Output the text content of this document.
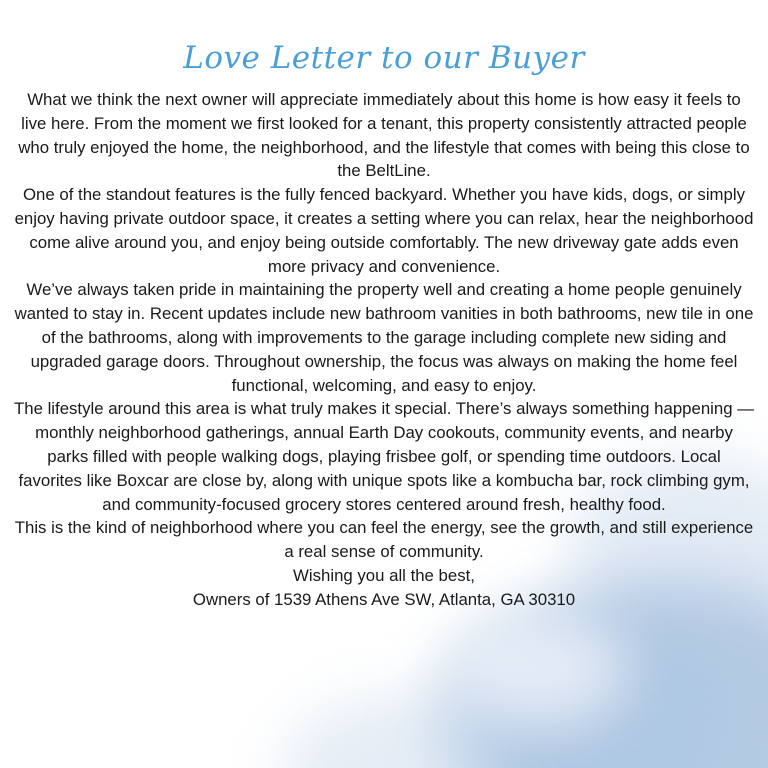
Love Letter to our Buyer

What we think the next owner will appreciate immediately about this home is how easy it feels to live here. From the moment we first looked for a tenant, this property consistently attracted people who truly enjoyed the home, the neighborhood, and the lifestyle that comes with being this close to the BeltLine.

One of the standout features is the fully fenced backyard. Whether you have kids, dogs, or simply enjoy having private outdoor space, it creates a setting where you can relax, hear the neighborhood come alive around you, and enjoy being outside comfortably. The new driveway gate adds even more privacy and convenience.

We’ve always taken pride in maintaining the property well and creating a home people genuinely wanted to stay in. Recent updates include new bathroom vanities in both bathrooms, new tile in one of the bathrooms, along with improvements to the garage including complete new siding and upgraded garage doors. Throughout ownership, the focus was always on making the home feel functional, welcoming, and easy to enjoy.

The lifestyle around this area is what truly makes it special. There’s always something happening — monthly neighborhood gatherings, annual Earth Day cookouts, community events, and nearby parks filled with people walking dogs, playing frisbee golf, or spending time outdoors. Local favorites like Boxcar are close by, along with unique spots like a kombucha bar, rock climbing gym, and community-focused grocery stores centered around fresh, healthy food.

This is the kind of neighborhood where you can feel the energy, see the growth, and still experience a real sense of community.

Wishing you all the best,

Owners of 1539 Athens Ave SW, Atlanta, GA 30310
